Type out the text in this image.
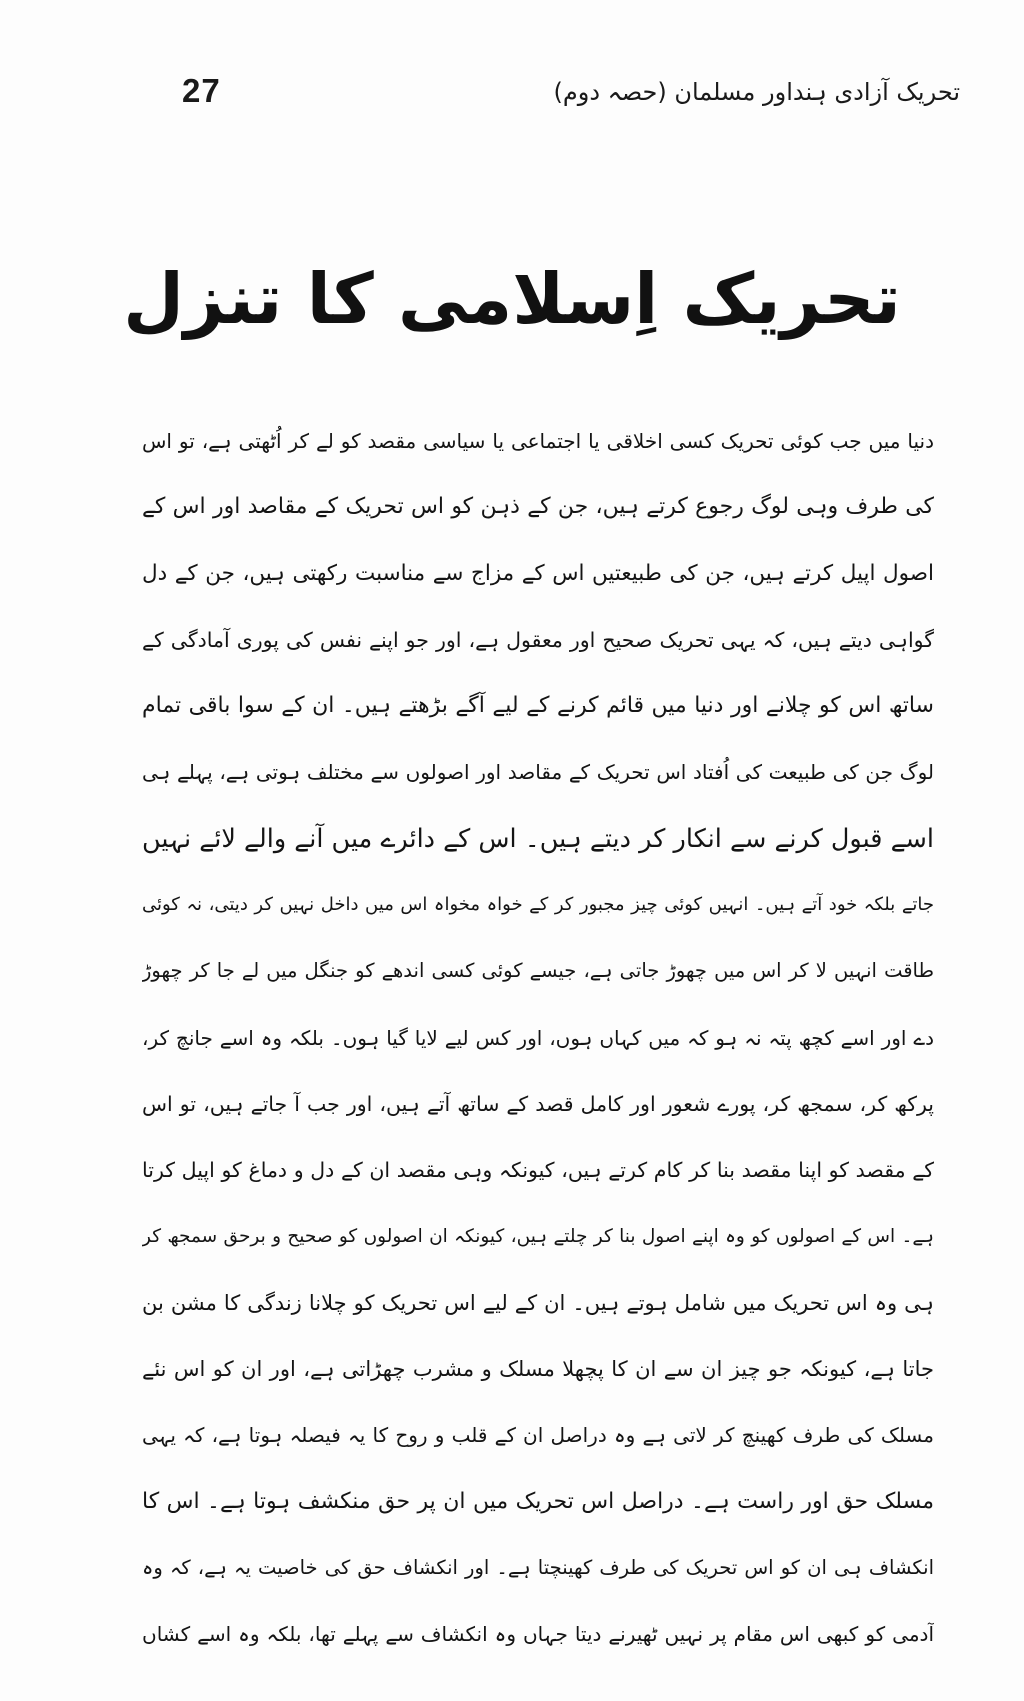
27	تحریک آزادی ہنداور مسلمان (حصہ دوم)
تحریک اِسلامی کا تنزل
دنیا میں جب کوئی تحریک کسی اخلاقی یا اجتماعی یا سیاسی مقصد کو لے کر اُٹھتی ہے، تو اس
کی طرف وہی لوگ رجوع کرتے ہیں، جن کے ذہن کو اس تحریک کے مقاصد اور اس کے
اصول اپیل کرتے ہیں، جن کی طبیعتیں اس کے مزاج سے مناسبت رکھتی ہیں، جن کے دل
گواہی دیتے ہیں، کہ یہی تحریک صحیح اور معقول ہے، اور جو اپنے نفس کی پوری آمادگی کے
ساتھ اس کو چلانے اور دنیا میں قائم کرنے کے لیے آگے بڑھتے ہیں۔ ان کے سوا باقی تمام
لوگ جن کی طبیعت کی اُفتاد اس تحریک کے مقاصد اور اصولوں سے مختلف ہوتی ہے، پہلے ہی
اسے قبول کرنے سے انکار کر دیتے ہیں۔ اس کے دائرے میں آنے والے لائے نہیں
جاتے بلکہ خود آتے ہیں۔ انہیں کوئی چیز مجبور کر کے خواہ مخواہ اس میں داخل نہیں کر دیتی، نہ کوئی
طاقت انہیں لا کر اس میں چھوڑ جاتی ہے، جیسے کوئی کسی اندھے کو جنگل میں لے جا کر چھوڑ
دے اور اسے کچھ پتہ نہ ہو کہ میں کہاں ہوں، اور کس لیے لایا گیا ہوں۔ بلکہ وہ اسے جانچ کر،
پرکھ کر، سمجھ کر، پورے شعور اور کامل قصد کے ساتھ آتے ہیں، اور جب آ جاتے ہیں، تو اس
کے مقصد کو اپنا مقصد بنا کر کام کرتے ہیں، کیونکہ وہی مقصد ان کے دل و دماغ کو اپیل کرتا
ہے۔ اس کے اصولوں کو وہ اپنے اصول بنا کر چلتے ہیں، کیونکہ ان اصولوں کو صحیح و برحق سمجھ کر
ہی وہ اس تحریک میں شامل ہوتے ہیں۔ ان کے لیے اس تحریک کو چلانا زندگی کا مشن بن
جاتا ہے، کیونکہ جو چیز ان سے ان کا پچھلا مسلک و مشرب چھڑاتی ہے، اور ان کو اس نئے
مسلک کی طرف کھینچ کر لاتی ہے وہ دراصل ان کے قلب و روح کا یہ فیصلہ ہوتا ہے، کہ یہی
مسلک حق اور راست ہے۔ دراصل اس تحریک میں ان پر حق منکشف ہوتا ہے۔ اس کا
انکشاف ہی ان کو اس تحریک کی طرف کھینچتا ہے۔ اور انکشاف حق کی خاصیت یہ ہے، کہ وہ
آدمی کو کبھی اس مقام پر نہیں ٹھیرنے دیتا جہاں وہ انکشاف سے پہلے تھا، بلکہ وہ اسے کشاں
